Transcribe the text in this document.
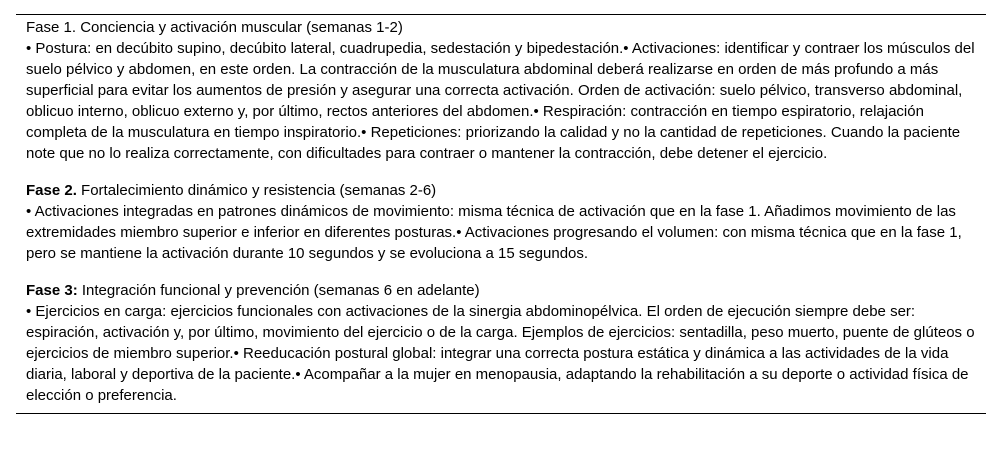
Fase 1. Conciencia y activación muscular (semanas 1-2)
• Postura: en decúbito supino, decúbito lateral, cuadrupedia, sedestación y bipedestación.• Activaciones: identificar y contraer los músculos del suelo pélvico y abdomen, en este orden. La contracción de la musculatura abdominal deberá realizarse en orden de más profundo a más superficial para evitar los aumentos de presión y asegurar una correcta activación. Orden de activación: suelo pélvico, transverso abdominal, oblicuo interno, oblicuo externo y, por último, rectos anteriores del abdomen.• Respiración: contracción en tiempo espiratorio, relajación completa de la musculatura en tiempo inspiratorio.• Repeticiones: priorizando la calidad y no la cantidad de repeticiones. Cuando la paciente note que no lo realiza correctamente, con dificultades para contraer o mantener la contracción, debe detener el ejercicio.
Fase 2. Fortalecimiento dinámico y resistencia (semanas 2-6)
• Activaciones integradas en patrones dinámicos de movimiento: misma técnica de activación que en la fase 1. Añadimos movimiento de las extremidades miembro superior e inferior en diferentes posturas.• Activaciones progresando el volumen: con misma técnica que en la fase 1, pero se mantiene la activación durante 10 segundos y se evoluciona a 15 segundos.
Fase 3: Integración funcional y prevención (semanas 6 en adelante)
• Ejercicios en carga: ejercicios funcionales con activaciones de la sinergia abdominopélvica. El orden de ejecución siempre debe ser: espiración, activación y, por último, movimiento del ejercicio o de la carga. Ejemplos de ejercicios: sentadilla, peso muerto, puente de glúteos o ejercicios de miembro superior.• Reeducación postural global: integrar una correcta postura estática y dinámica a las actividades de la vida diaria, laboral y deportiva de la paciente.• Acompañar a la mujer en menopausia, adaptando la rehabilitación a su deporte o actividad física de elección o preferencia.
